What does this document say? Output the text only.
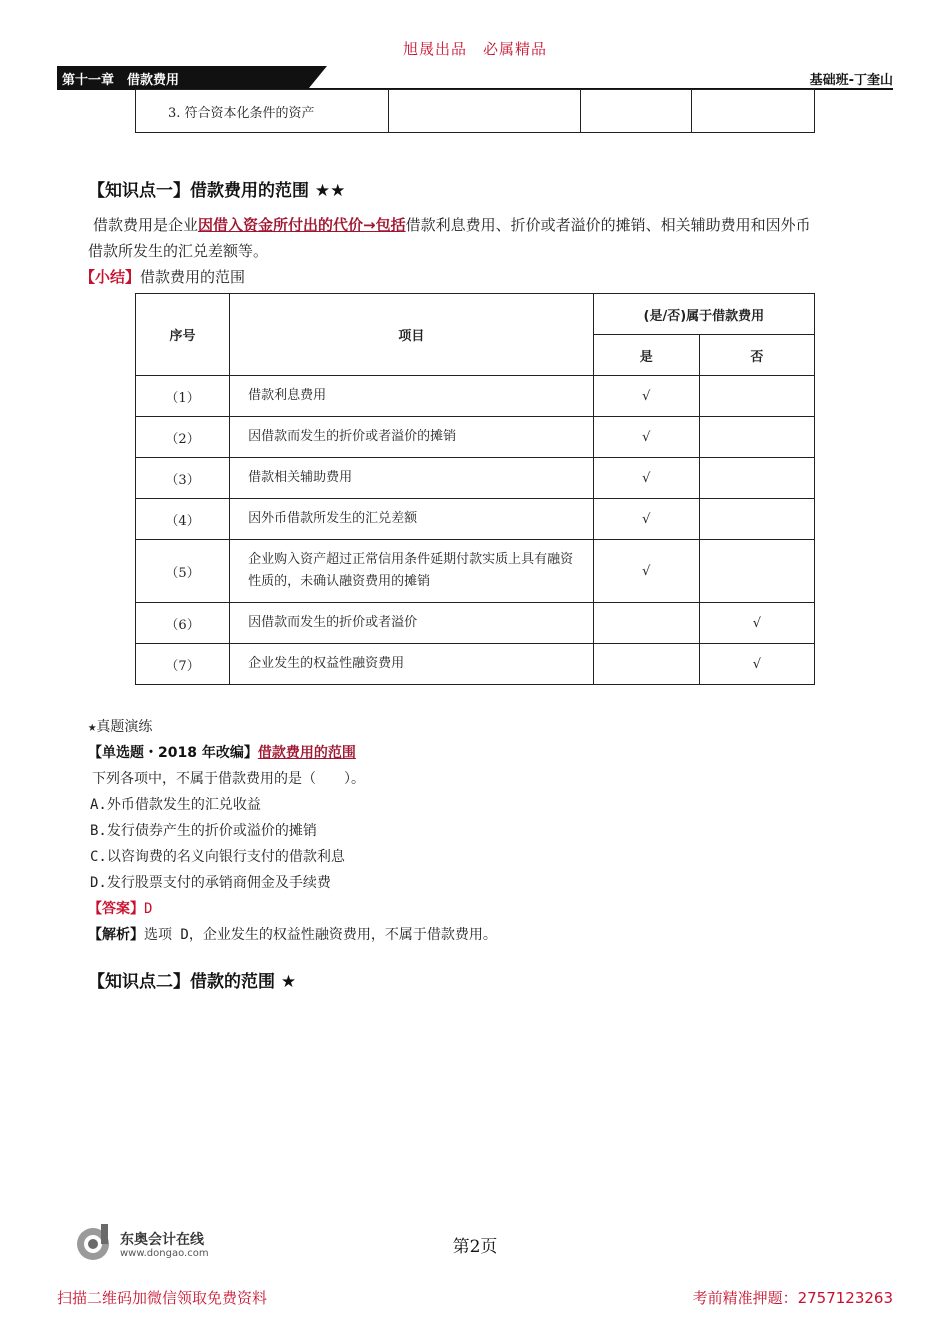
旭晟出品　必属精品
第十一章　借款费用	基础班-丁奎山
3. 符合资本化条件的资产			
【知识点一】借款费用的范围 ★★
借款费用是企业因借入资金所付出的代价→包括借款利息费用、折价或者溢价的摊销、相关辅助费用和因外币
借款所发生的汇兑差额等。
【小结】借款费用的范围
序号	项目	(是/否)属于借款费用	
		是	否
（1）	借款利息费用	√	
（2）	因借款而发生的折价或者溢价的摊销	√	
（3）	借款相关辅助费用	√	
（4）	因外币借款所发生的汇兑差额	√	
（5）	企业购入资产超过正常信用条件延期付款实质上具有融资性质的，未确认融资费用的摊销	√	
（6）	因借款而发生的折价或者溢价		√
（7）	企业发生的权益性融资费用		√
★真题演练
【单选题・2018 年改编】借款费用的范围
下列各项中，不属于借款费用的是（　　）。
A.外币借款发生的汇兑收益
B.发行债券产生的折价或溢价的摊销
C.以咨询费的名义向银行支付的借款利息
D.发行股票支付的承销商佣金及手续费
【答案】D
【解析】选项 D，企业发生的权益性融资费用，不属于借款费用。
【知识点二】借款的范围 ★
东奥会计在线
www.dongao.com	第2页
扫描二维码加微信领取免费资料	考前精准押题：2757123263
